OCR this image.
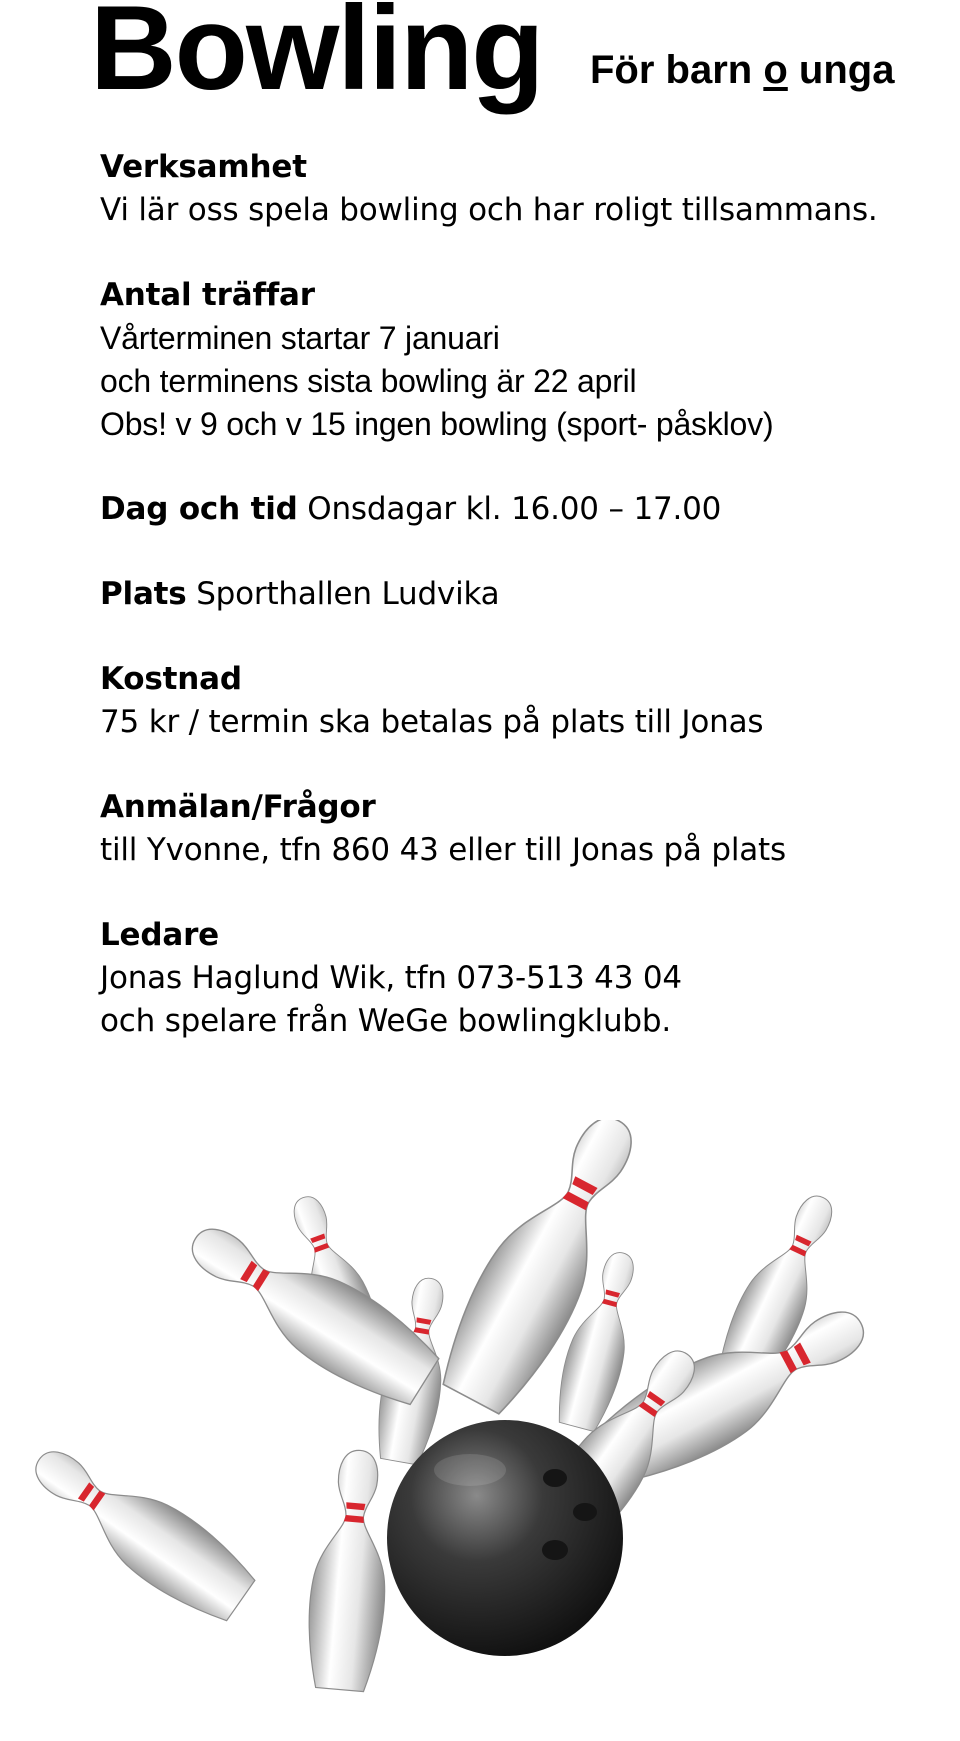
Bowling För barn o unga
Verksamhet
Vi lär oss spela bowling och har roligt tillsammans.
Antal träffar
Vårterminen startar 7 januari
och terminens sista bowling är 22 april
Obs! v 9 och v 15 ingen bowling (sport- påsklov)
Dag och tid Onsdagar kl. 16.00 – 17.00
Plats Sporthallen Ludvika
Kostnad
75 kr / termin ska betalas på plats till Jonas
Anmälan/Frågor
till Yvonne, tfn 860 43 eller till Jonas på plats
Ledare
Jonas Haglund Wik, tfn 073-513 43 04
och spelare från WeGe bowlingklubb.
